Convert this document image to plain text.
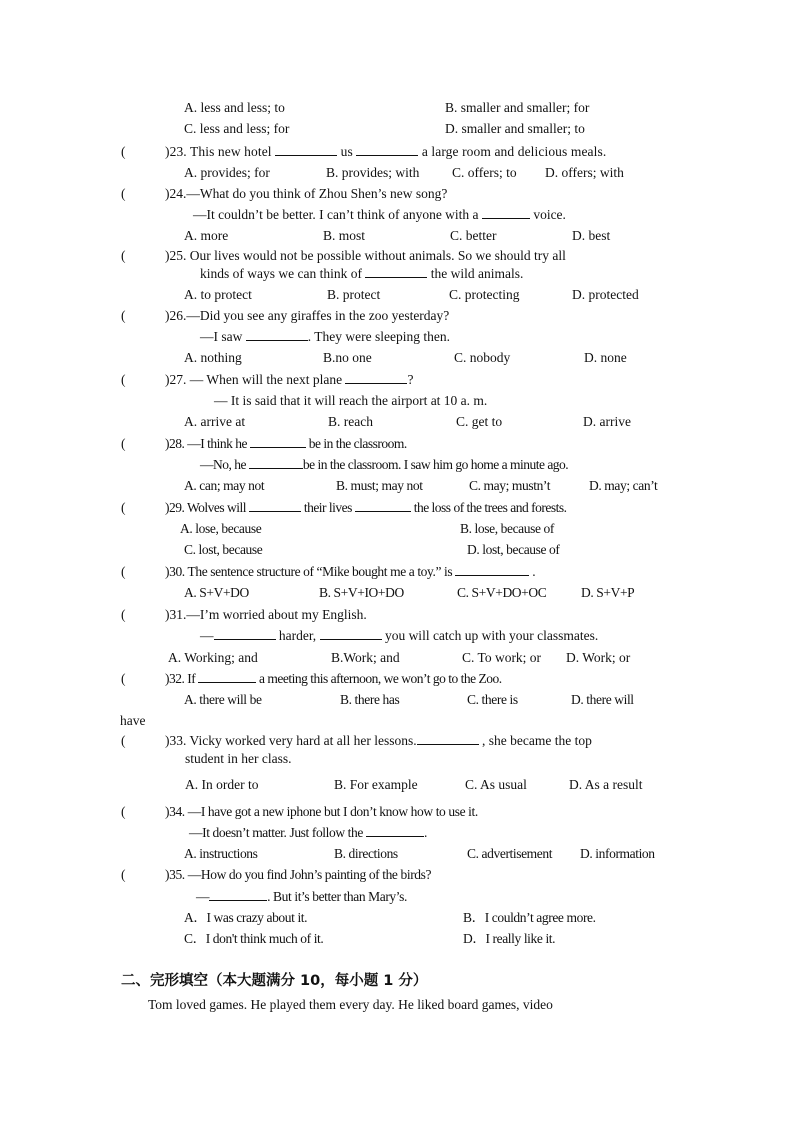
A. less and less; to	B. smaller and smaller; for
C. less and less; for	D. smaller and smaller; to
(	)23. This new hotel	us	a large room and delicious meals.
A. provides; for	B. provides; with C. offers; to D. offers; with
(	)24.—What do you think of Zhou Shen’s new song?
—It couldn’t be better. I can’t think of anyone with a	voice.
A. more	B. most	C. better	D. best
(	)25. Our lives would not be possible without animals. So we should try all
kinds of ways we can think of	the wild animals.
A. to protect	B. protect	C. protecting	D. protected
(	)26.—Did you see any giraffes in the zoo yesterday?
—I saw	. They were sleeping then.
A. nothing	B.no one	C. nobody	D. none
(	)27. — When will the next plane	?
— It is said that it will reach the airport at 10 a. m.
A. arrive at	B. reach	C. get to	D. arrive
(	)28. —I think he	be in the classroom.
—No, he	be in the classroom. I saw him go home a minute ago.
A. can; may not	B. must; may not	C. may; mustn’t	D. may; can’t
(	)29. Wolves will	their lives	the loss of the trees and forests.
A. lose, because	B. lose, because of
C. lost, because	D. lost, because of
(	)30. The sentence structure of “Mike bought me a toy.” is	.
A. S+V+DO	B. S+V+IO+DO	C. S+V+DO+OC	D. S+V+P
(	)31.—I’m worried about my English.
—	harder,	you will catch up with your classmates.
A. Working; and	B.Work; and	C. To work; or D. Work; or
(	)32. If	a meeting this afternoon, we won’t go to the Zoo.
A. there will be	B. there has	C. there is	D. there will
have
(	)33. Vicky worked very hard at all her lessons.	, she became the top
student in her class.
A. In order to	B. For example	C. As usual	D. As a result
(	)34. —I have got a new iphone but I don’t know how to use it.
—It doesn’t matter. Just follow the	.
A. instructions	B. directions	C. advertisement D. information
(	)35. —How do you find John’s painting of the birds?
—	. But it’s better than Mary’s.
A．I was crazy about it.	B．I couldn’t agree more.
C．I don't think much of it.	D．I really like it.
二、完形填空（本大题满分 10，每小题 1 分）
Tom loved games. He played them every day. He liked board games, video
